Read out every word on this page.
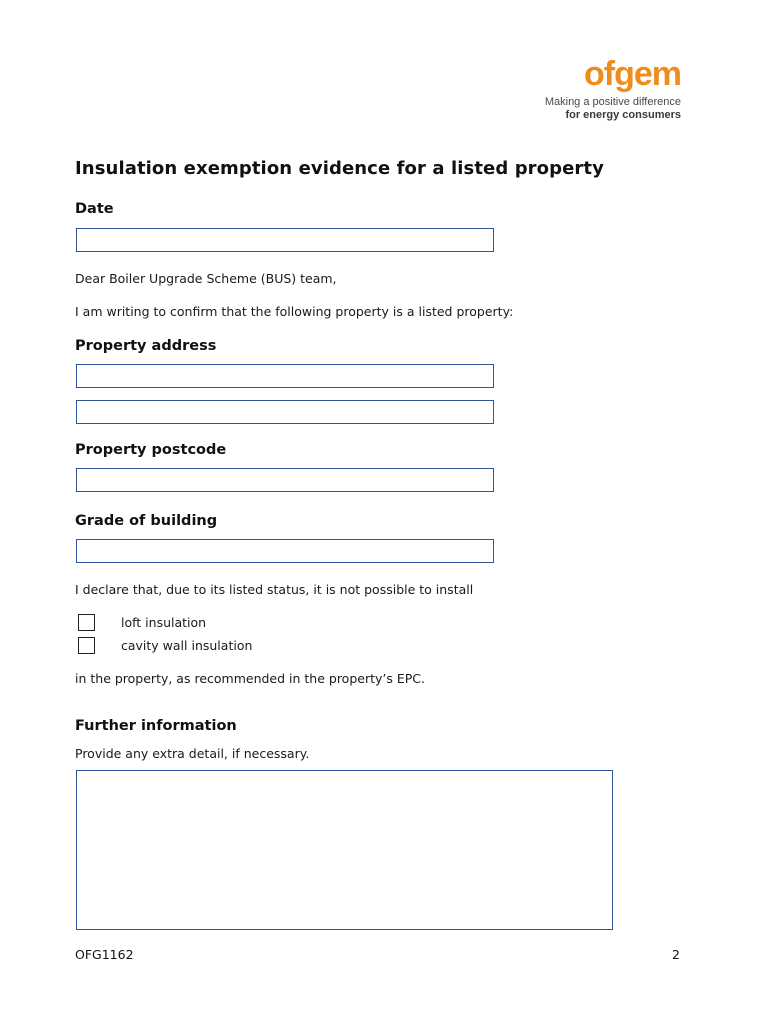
ofgem
Making a positive difference
for energy consumers
Insulation exemption evidence for a listed property
Date

Dear Boiler Upgrade Scheme (BUS) team,

I am writing to confirm that the following property is a listed property:

Property address
Property postcode
Grade of building

I declare that, due to its listed status, it is not possible to install

loft insulation
cavity wall insulation

in the property, as recommended in the property’s EPC.

Further information

Provide any extra detail, if necessary.

OFG1162	2
